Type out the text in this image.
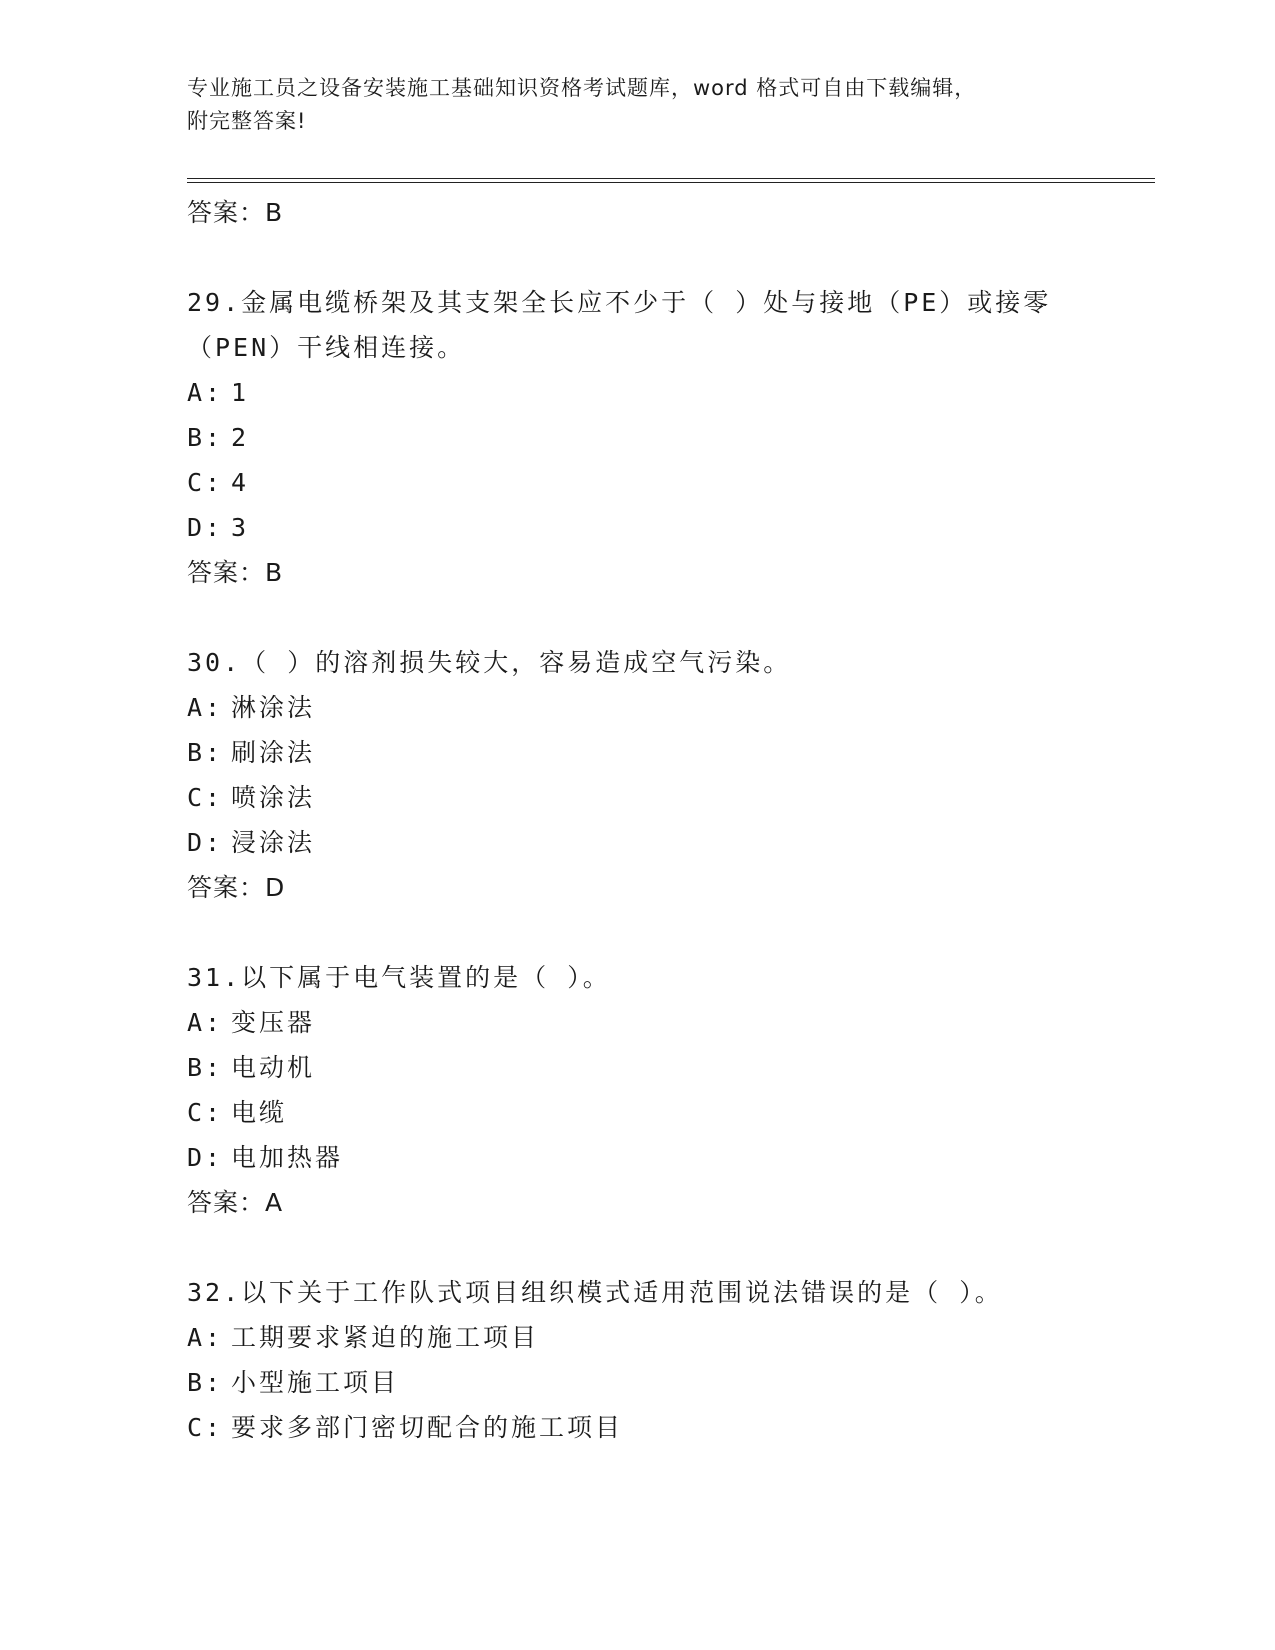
专业施工员之设备安装施工基础知识资格考试题库，word 格式可自由下载编辑，
附完整答案!
答案：B
29.金属电缆桥架及其支架全长应不少于（ ）处与接地（PE）或接零（PEN）干线相连接。
A: 1
B: 2
C: 4
D: 3
答案：B
30.（ ）的溶剂损失较大，容易造成空气污染。
A: 淋涂法
B: 刷涂法
C: 喷涂法
D: 浸涂法
答案：D
31.以下属于电气装置的是（ ）。
A: 变压器
B: 电动机
C: 电缆
D: 电加热器
答案：A
32.以下关于工作队式项目组织模式适用范围说法错误的是（ ）。
A: 工期要求紧迫的施工项目
B: 小型施工项目
C: 要求多部门密切配合的施工项目
